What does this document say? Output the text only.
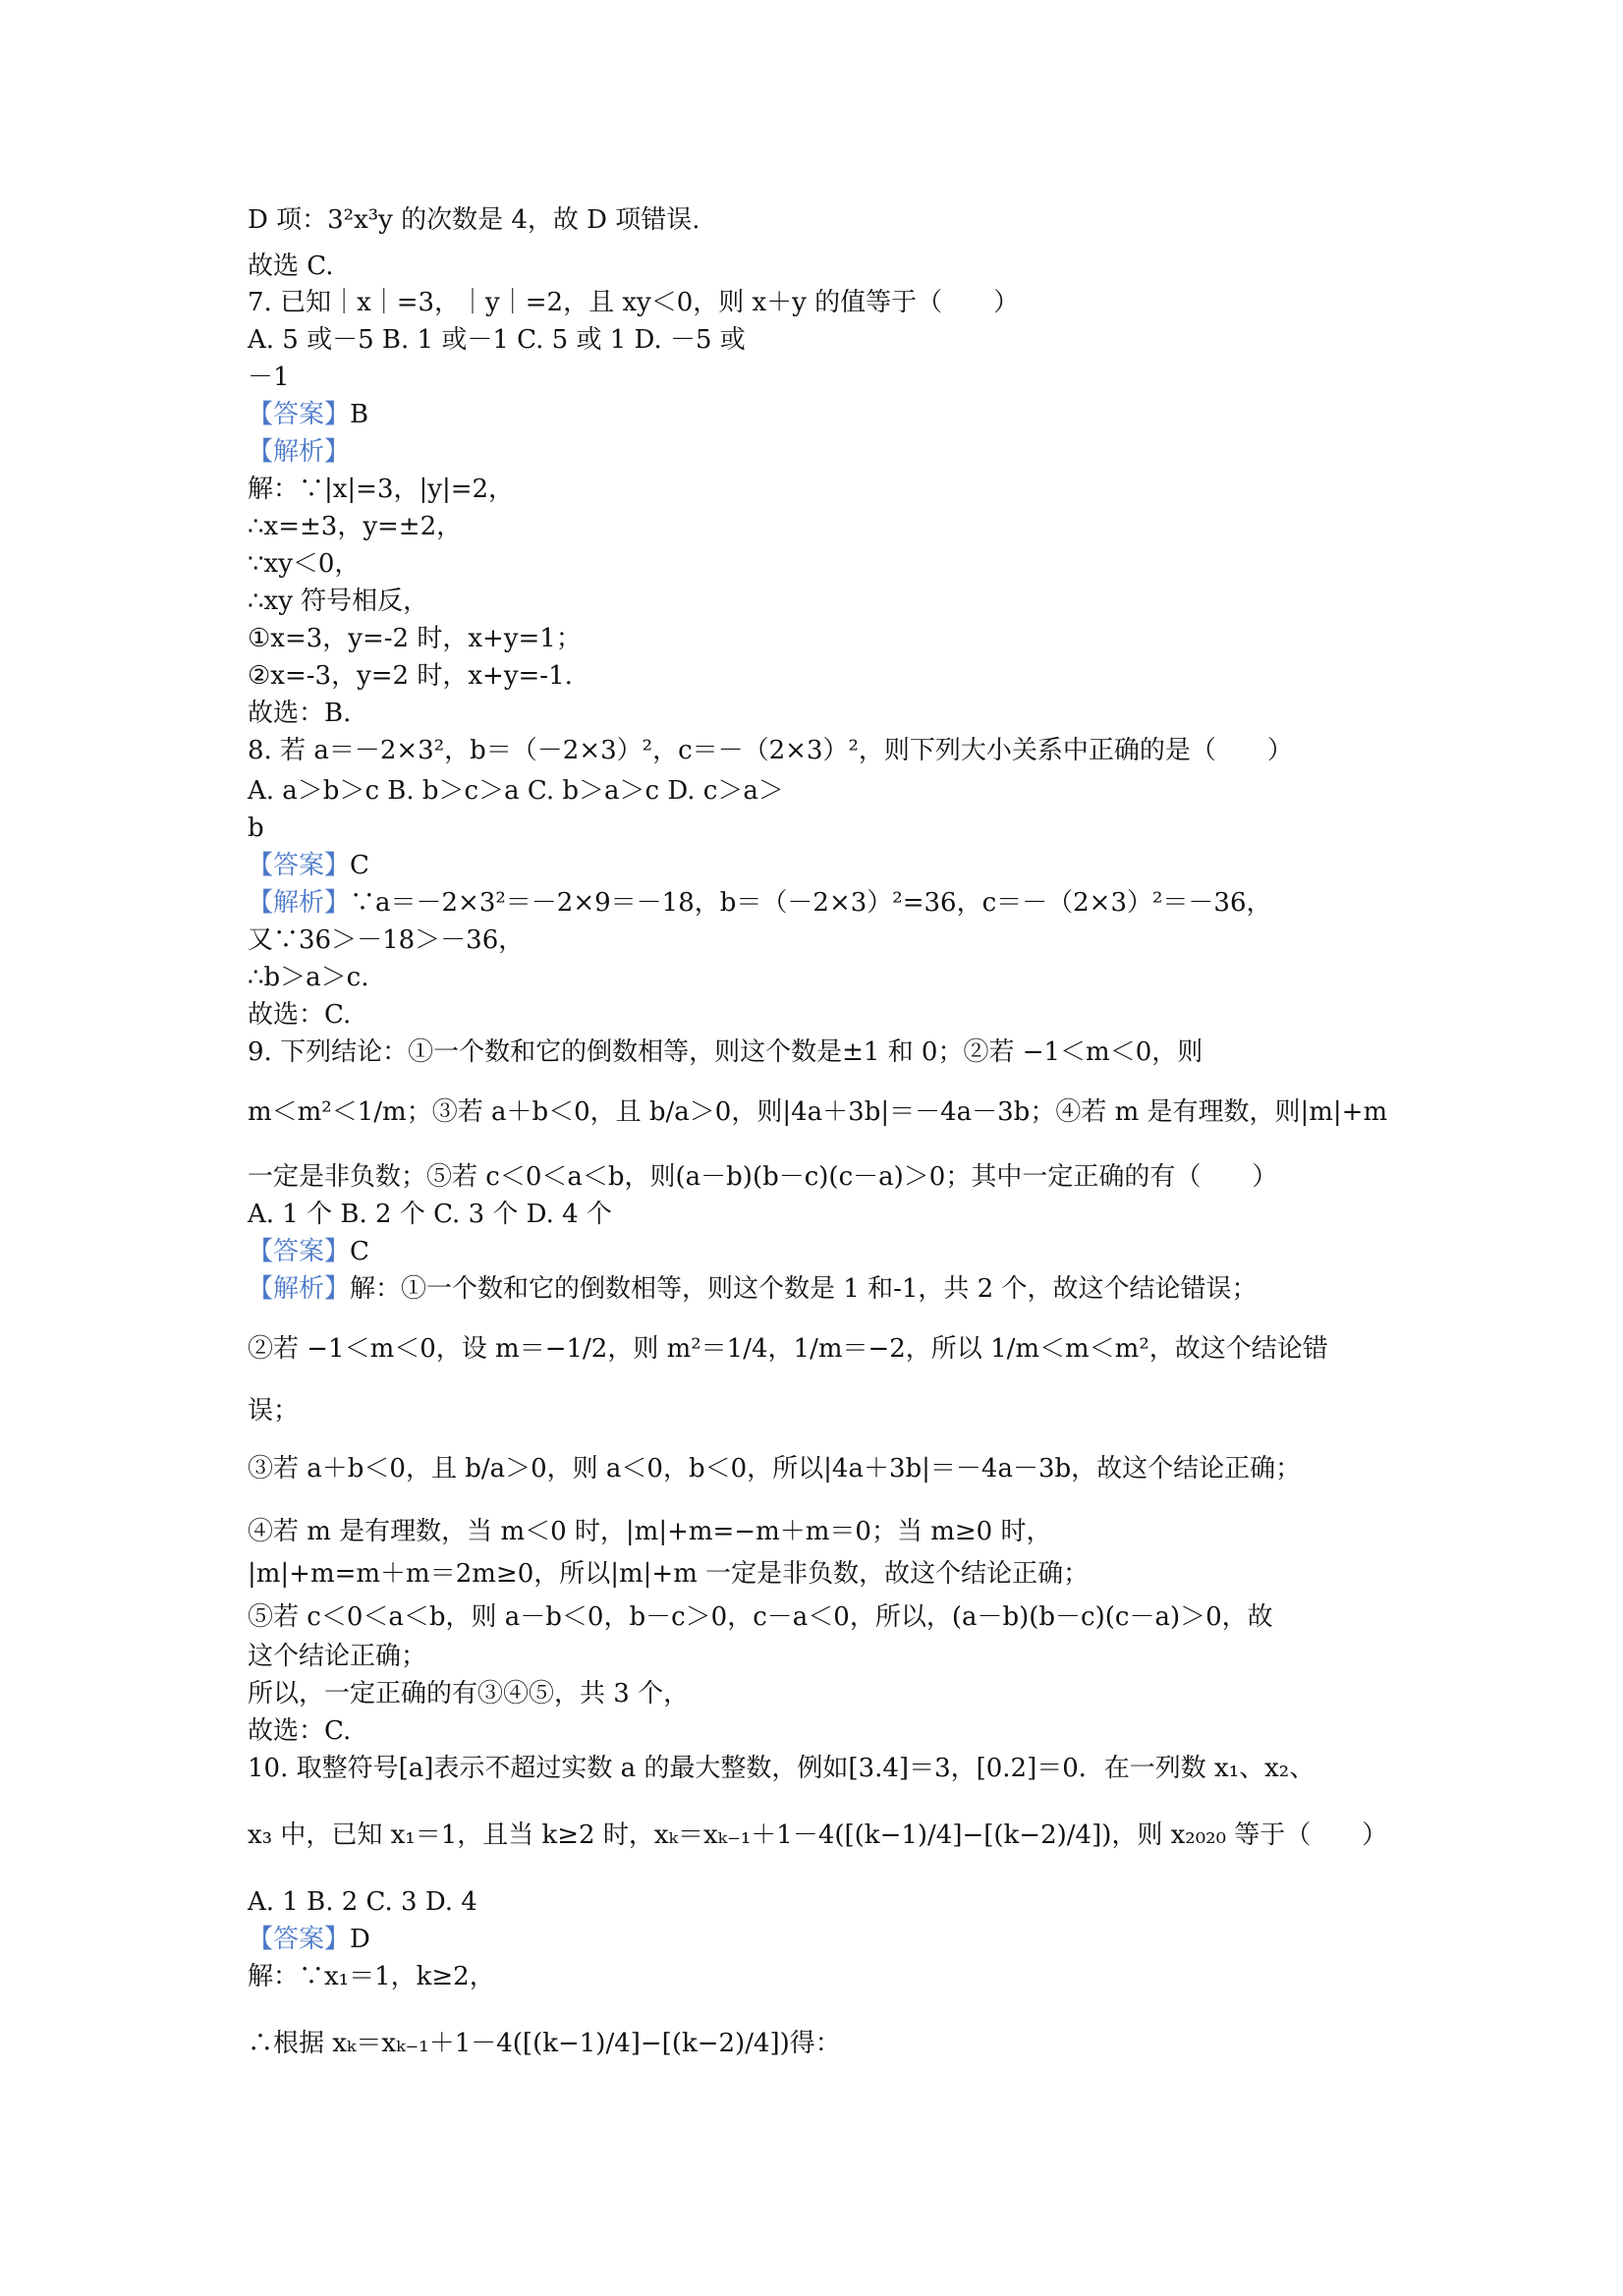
D 项：3²x³y 的次数是 4，故 D 项错误.
故选 C.
7. 已知｜x｜=3，｜y｜=2，且 xy＜0，则 x＋y 的值等于（　　）
A. 5 或－5 B. 1 或－1 C. 5 或 1 D. －5 或
－1
【答案】B
【解析】
解：∵|x|=3，|y|=2，
∴x=±3，y=±2，
∵xy＜0，
∴xy 符号相反，
①x=3，y=-2 时，x+y=1；
②x=-3，y=2 时，x+y=-1.
故选：B.
8. 若 a＝－2×3²，b＝（－2×3）²，c＝－（2×3）²，则下列大小关系中正确的是（　　）
A. a＞b＞c B. b＞c＞a C. b＞a＞c D. c＞a＞
b
【答案】C
【解析】∵a＝－2×3²＝－2×9＝－18，b＝（－2×3）²=36，c＝－（2×3）²＝－36，
又∵36＞－18＞－36，
∴b＞a＞c.
故选：C.
9. 下列结论：①一个数和它的倒数相等，则这个数是±1 和 0；②若 −1＜m＜0，则
m＜m²＜1/m；③若 a＋b＜0，且 b/a＞0，则|4a＋3b|＝－4a－3b；④若 m 是有理数，则|m|+m
一定是非负数；⑤若 c＜0＜a＜b，则(a－b)(b－c)(c－a)＞0；其中一定正确的有（　　）
A. 1 个 B. 2 个 C. 3 个 D. 4 个
【答案】C
【解析】解：①一个数和它的倒数相等，则这个数是 1 和-1，共 2 个，故这个结论错误；
②若 −1＜m＜0，设 m＝−1/2，则 m²＝1/4，1/m＝−2，所以 1/m＜m＜m²，故这个结论错
误；
③若 a＋b＜0，且 b/a＞0，则 a＜0，b＜0，所以|4a＋3b|＝－4a－3b，故这个结论正确；
④若 m 是有理数，当 m＜0 时，|m|+m=−m＋m＝0；当 m≥0 时，
|m|+m=m＋m＝2m≥0，所以|m|+m 一定是非负数，故这个结论正确；
⑤若 c＜0＜a＜b，则 a－b＜0，b－c＞0，c－a＜0，所以，(a－b)(b－c)(c－a)＞0，故
这个结论正确；
所以，一定正确的有③④⑤，共 3 个，
故选：C.
10. 取整符号[a]表示不超过实数 a 的最大整数，例如[3.4]＝3，[0.2]＝0．在一列数 x₁、x₂、
x₃ 中，已知 x₁＝1，且当 k≥2 时，xₖ＝xₖ₋₁＋1－4([(k−1)/4]−[(k−2)/4])，则 x₂₀₂₀ 等于（　　）
A. 1 B. 2 C. 3 D. 4
【答案】D
解：∵x₁＝1，k≥2，
∴根据 xₖ＝xₖ₋₁＋1－4([(k−1)/4]−[(k−2)/4])得：
